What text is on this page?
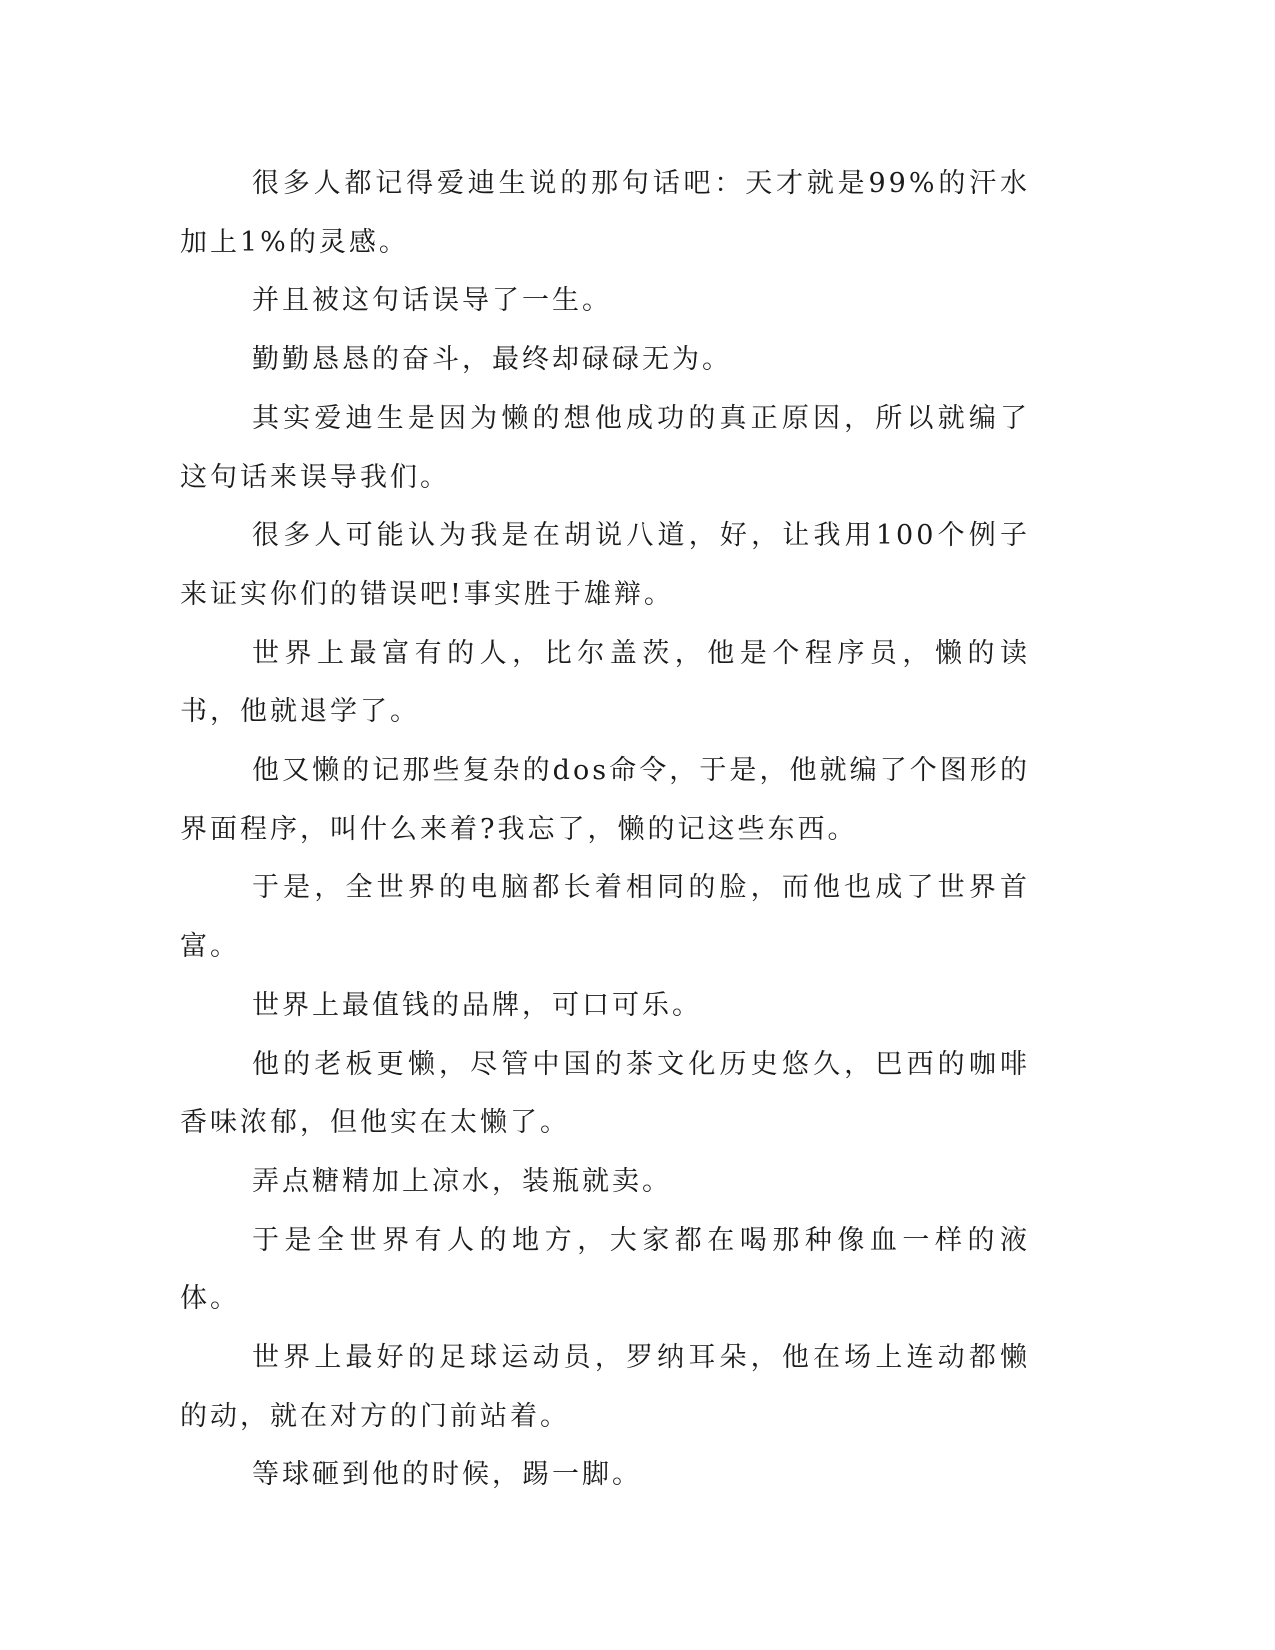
很多人都记得爱迪生说的那句话吧：天才就是99%的汗水加上1%的灵感。

并且被这句话误导了一生。

勤勤恳恳的奋斗，最终却碌碌无为。

其实爱迪生是因为懒的想他成功的真正原因，所以就编了这句话来误导我们。

很多人可能认为我是在胡说八道，好，让我用100个例子来证实你们的错误吧!事实胜于雄辩。

世界上最富有的人，比尔盖茨，他是个程序员，懒的读书，他就退学了。

他又懒的记那些复杂的dos命令，于是，他就编了个图形的界面程序，叫什么来着?我忘了，懒的记这些东西。

于是，全世界的电脑都长着相同的脸，而他也成了世界首富。

世界上最值钱的品牌，可口可乐。

他的老板更懒，尽管中国的茶文化历史悠久，巴西的咖啡香味浓郁，但他实在太懒了。

弄点糖精加上凉水，装瓶就卖。

于是全世界有人的地方，大家都在喝那种像血一样的液体。

世界上最好的足球运动员，罗纳耳朵，他在场上连动都懒的动，就在对方的门前站着。

等球砸到他的时候，踢一脚。
